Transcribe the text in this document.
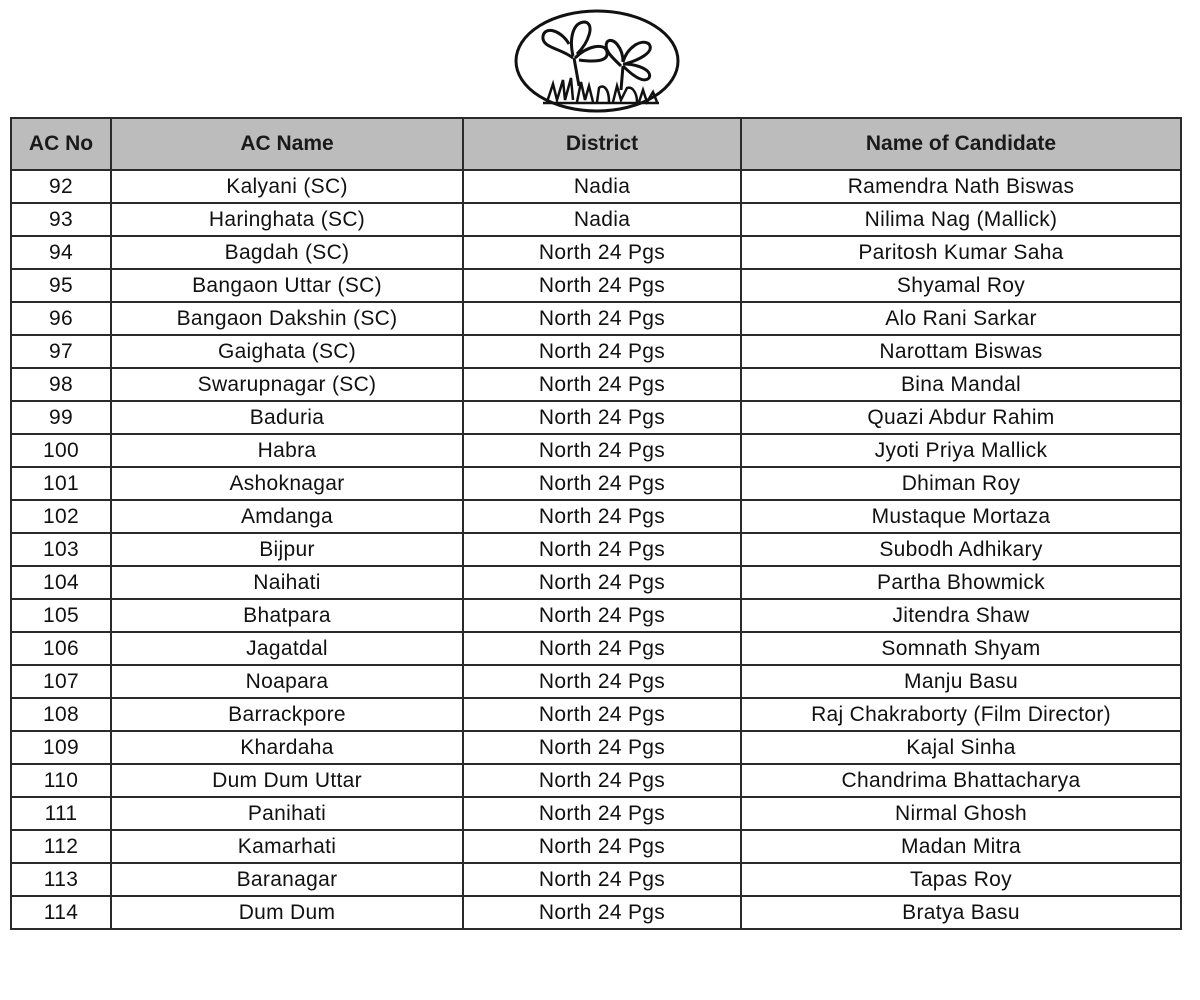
AC No	AC Name	District	Name of Candidate
92	Kalyani (SC)	Nadia	Ramendra Nath Biswas
93	Haringhata (SC)	Nadia	Nilima Nag (Mallick)
94	Bagdah (SC)	North 24 Pgs	Paritosh Kumar Saha
95	Bangaon Uttar (SC)	North 24 Pgs	Shyamal Roy
96	Bangaon Dakshin (SC)	North 24 Pgs	Alo Rani Sarkar
97	Gaighata (SC)	North 24 Pgs	Narottam Biswas
98	Swarupnagar (SC)	North 24 Pgs	Bina Mandal
99	Baduria	North 24 Pgs	Quazi Abdur Rahim
100	Habra	North 24 Pgs	Jyoti Priya Mallick
101	Ashoknagar	North 24 Pgs	Dhiman Roy
102	Amdanga	North 24 Pgs	Mustaque Mortaza
103	Bijpur	North 24 Pgs	Subodh Adhikary
104	Naihati	North 24 Pgs	Partha Bhowmick
105	Bhatpara	North 24 Pgs	Jitendra Shaw
106	Jagatdal	North 24 Pgs	Somnath Shyam
107	Noapara	North 24 Pgs	Manju Basu
108	Barrackpore	North 24 Pgs	Raj Chakraborty (Film Director)
109	Khardaha	North 24 Pgs	Kajal Sinha
110	Dum Dum Uttar	North 24 Pgs	Chandrima Bhattacharya
111	Panihati	North 24 Pgs	Nirmal Ghosh
112	Kamarhati	North 24 Pgs	Madan Mitra
113	Baranagar	North 24 Pgs	Tapas Roy
114	Dum Dum	North 24 Pgs	Bratya Basu
